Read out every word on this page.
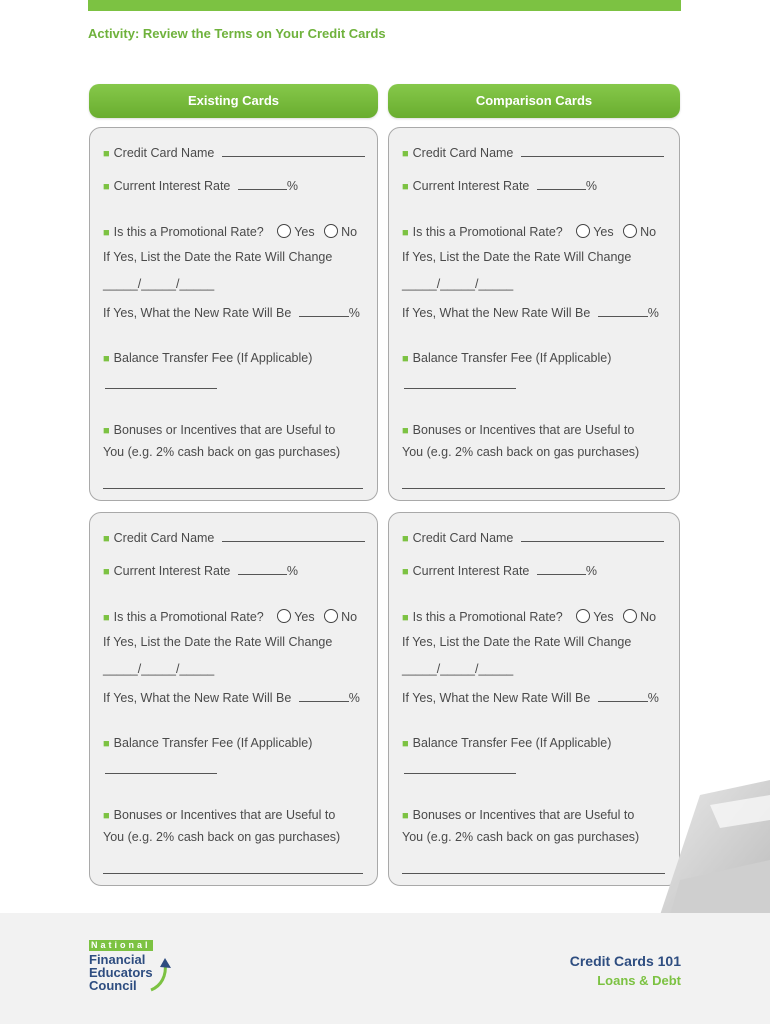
Activity: Review the Terms on Your Credit Cards
Existing Cards	Comparison Cards
■ Credit Card Name
■ Current Interest Rate	%
■ Is this a Promotional Rate? Yes No
If Yes, List the Date the Rate Will Change
_____/_____/_____
If Yes, What the New Rate Will Be	%
■ Balance Transfer Fee (If Applicable)
■ Bonuses or Incentives that are Useful to
You (e.g. 2% cash back on gas purchases)
■ Credit Card Name
■ Current Interest Rate	%
■ Is this a Promotional Rate? Yes No
If Yes, List the Date the Rate Will Change
_____/_____/_____
If Yes, What the New Rate Will Be	%
■ Balance Transfer Fee (If Applicable)
■ Bonuses or Incentives that are Useful to
You (e.g. 2% cash back on gas purchases)
■ Credit Card Name
■ Current Interest Rate	%
■ Is this a Promotional Rate? Yes No
If Yes, List the Date the Rate Will Change
_____/_____/_____
If Yes, What the New Rate Will Be	%
■ Balance Transfer Fee (If Applicable)
■ Bonuses or Incentives that are Useful to
You (e.g. 2% cash back on gas purchases)
■ Credit Card Name
■ Current Interest Rate	%
■ Is this a Promotional Rate? Yes No
If Yes, List the Date the Rate Will Change
_____/_____/_____
If Yes, What the New Rate Will Be	%
■ Balance Transfer Fee (If Applicable)
■ Bonuses or Incentives that are Useful to
You (e.g. 2% cash back on gas purchases)
National
Financial
Educators
Council
Credit Cards 101
Loans & Debt
